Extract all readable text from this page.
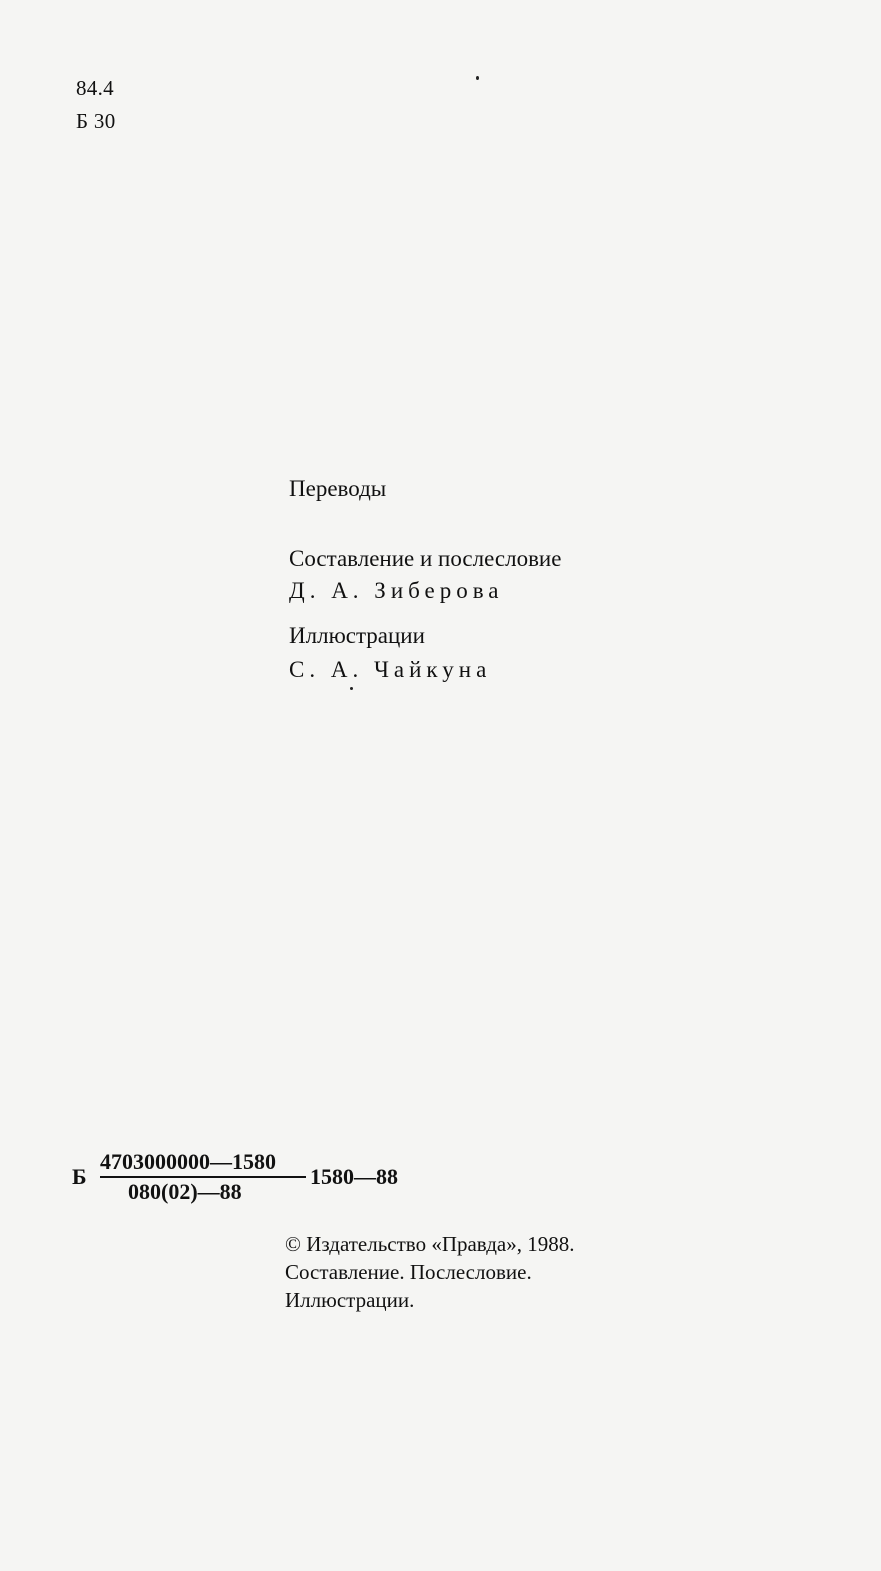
84.4
Б 30
Переводы
Составление и послесловие
Д. А. Зиберова
Иллюстрации
С. А. Чайкуна
Б
4703000000—1580
080(02)—88
1580—88
© Издательство «Правда», 1988.
Составление. Послесловие.
Иллюстрации.
